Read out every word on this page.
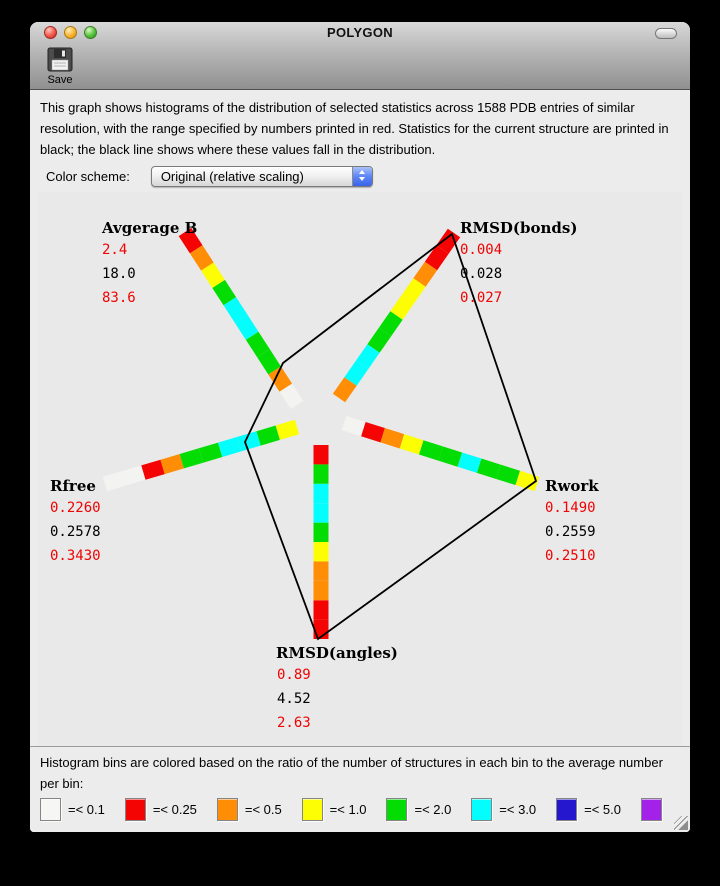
POLYGON
Save
This graph shows histograms of the distribution of selected statistics across 1588 PDB entries of similar resolution, with the range specified by numbers printed in red. Statistics for the current structure are printed in black; the black line shows where these values fall in the distribution.
Color scheme:	Original (relative scaling)
Avgerage B
2.4
18.0
83.6
RMSD(bonds)
0.004
0.028
0.027
Rwork
0.1490
0.2559
0.2510
RMSD(angles)
0.89
4.52
2.63
Rfree
0.2260
0.2578
0.3430
Histogram bins are colored based on the ratio of the number of structures in each bin to the average number per bin:
=< 0.1	=< 0.25	=< 0.5	=< 1.0	=< 2.0	=< 3.0	=< 5.0
